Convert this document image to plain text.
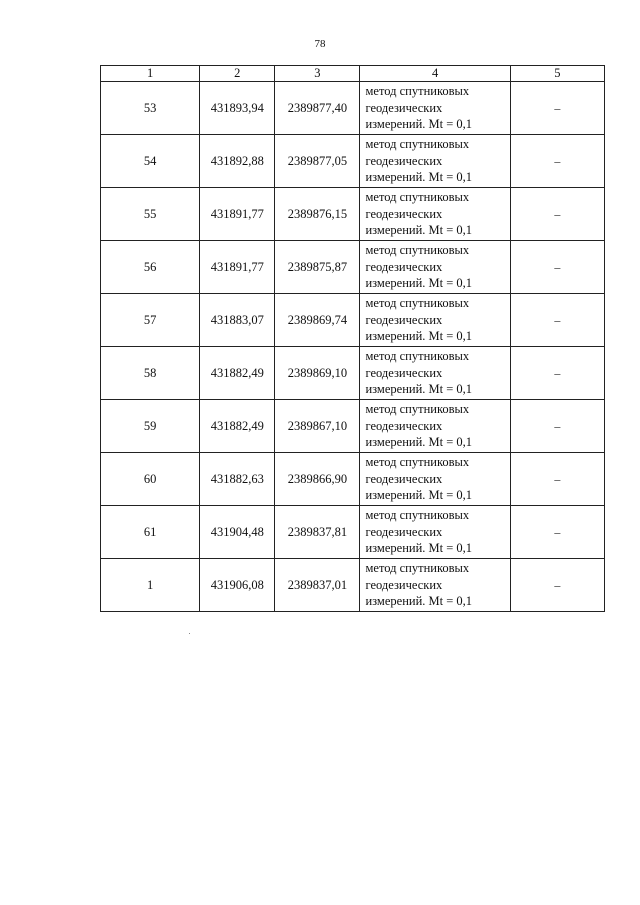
78
1	2	3	4	5
53	431893,94	2389877,40	метод спутниковых
геодезических
измерений. Mt = 0,1	–
54	431892,88	2389877,05	метод спутниковых
геодезических
измерений. Mt = 0,1	–
55	431891,77	2389876,15	метод спутниковых
геодезических
измерений. Mt = 0,1	–
56	431891,77	2389875,87	метод спутниковых
геодезических
измерений. Mt = 0,1	–
57	431883,07	2389869,74	метод спутниковых
геодезических
измерений. Mt = 0,1	–
58	431882,49	2389869,10	метод спутниковых
геодезических
измерений. Mt = 0,1	–
59	431882,49	2389867,10	метод спутниковых
геодезических
измерений. Mt = 0,1	–
60	431882,63	2389866,90	метод спутниковых
геодезических
измерений. Mt = 0,1	–
61	431904,48	2389837,81	метод спутниковых
геодезических
измерений. Mt = 0,1	–
1	431906,08	2389837,01	метод спутниковых
геодезических
измерений. Mt = 0,1	–
